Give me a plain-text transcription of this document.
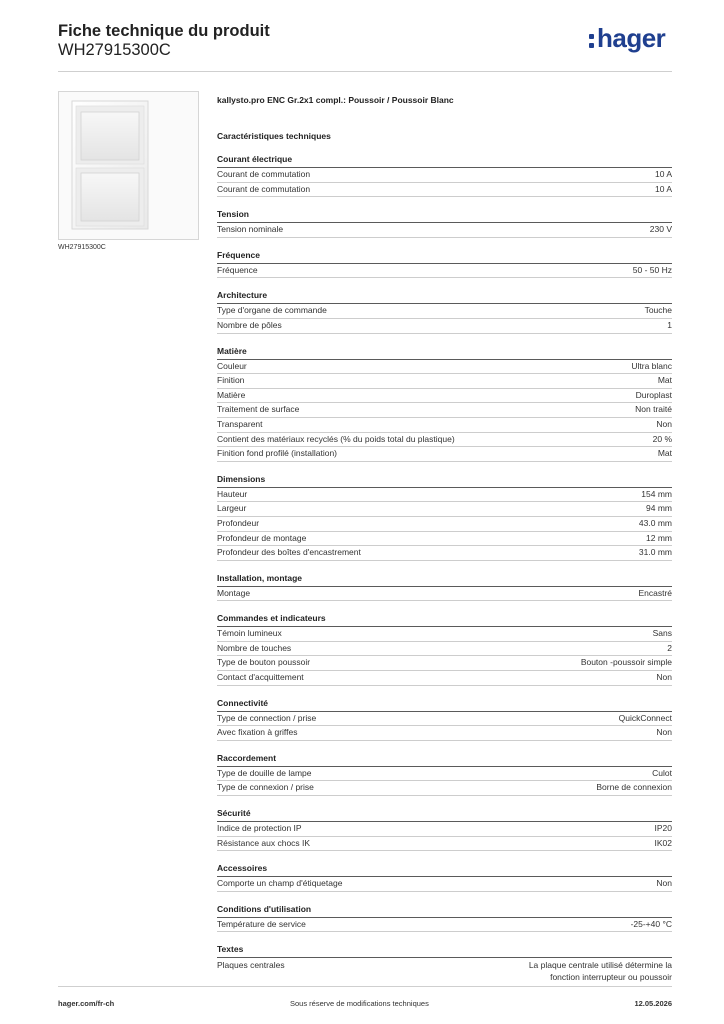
Fiche technique du produit
WH27915300C	hager
WH27915300C
kallysto.pro ENC Gr.2x1 compl.: Poussoir / Poussoir Blanc
Caractéristiques techniques
Courant électrique
Courant de commutation	10 A
Courant de commutation	10 A
Tension
Tension nominale	230 V
Fréquence
Fréquence	50 - 50 Hz
Architecture
Type d'organe de commande	Touche
Nombre de pôles	1
Matière
Couleur	Ultra blanc
Finition	Mat
Matière	Duroplast
Traitement de surface	Non traité
Transparent	Non
Contient des matériaux recyclés (% du poids total du plastique)	20 %
Finition fond profilé (installation)	Mat
Dimensions
Hauteur	154 mm
Largeur	94 mm
Profondeur	43.0 mm
Profondeur de montage	12 mm
Profondeur des boîtes d'encastrement	31.0 mm
Installation, montage
Montage	Encastré
Commandes et indicateurs
Témoin lumineux	Sans
Nombre de touches	2
Type de bouton poussoir	Bouton -poussoir simple
Contact d'acquittement	Non
Connectivité
Type de connection / prise	QuickConnect
Avec fixation à griffes	Non
Raccordement
Type de douille de lampe	Culot
Type de connexion / prise	Borne de connexion
Sécurité
Indice de protection IP	IP20
Résistance aux chocs IK	IK02
Accessoires
Comporte un champ d'étiquetage	Non
Conditions d'utilisation
Température de service	-25-+40 °C
Textes
Plaques centrales	La plaque centrale utilisé détermine la
fonction interrupteur ou poussoir
hager.com/fr-ch	Sous réserve de modifications techniques	12.05.2026
